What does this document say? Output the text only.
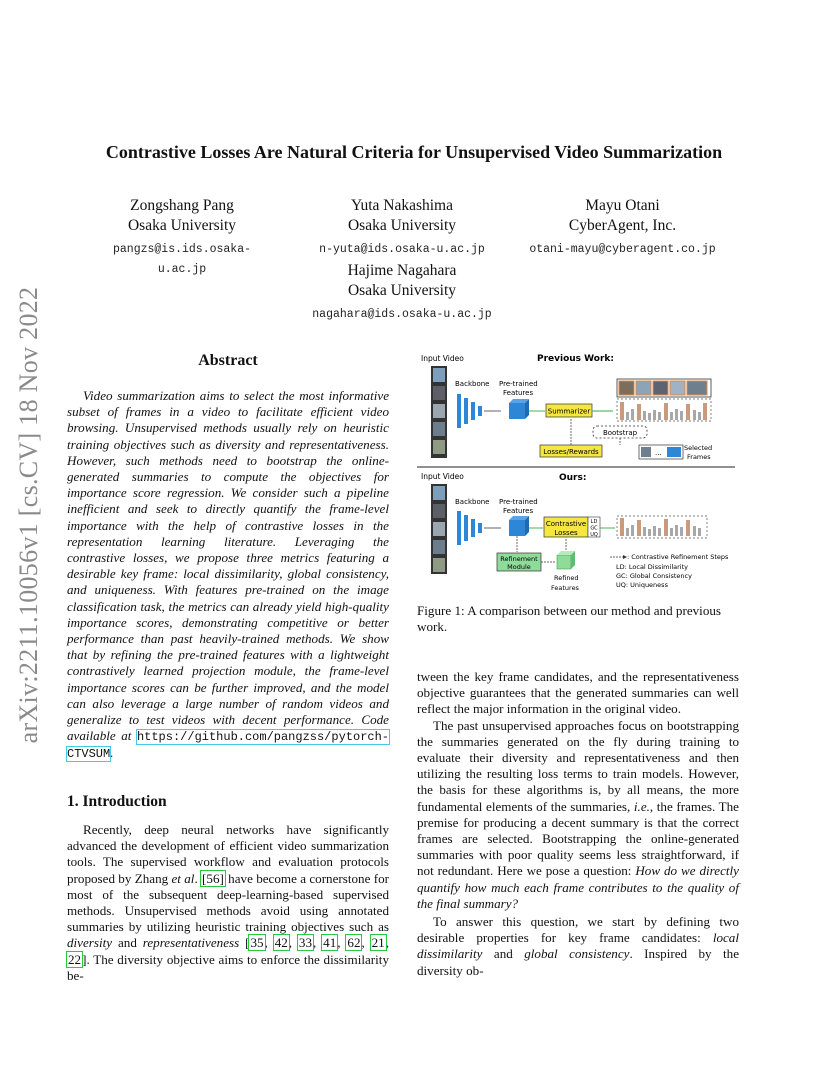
Contrastive Losses Are Natural Criteria for Unsupervised Video Summarization
arXiv:2211.10056v1 [cs.CV] 18 Nov 2022
Zongshang Pang
Osaka University
pangzs@is.ids.osaka-u.ac.jp
Yuta Nakashima
Osaka University
n-yuta@ids.osaka-u.ac.jp
Mayu Otani
CyberAgent, Inc.
otani-mayu@cyberagent.co.jp
Hajime Nagahara
Osaka University
nagahara@ids.osaka-u.ac.jp
Abstract

Video summarization aims to select the most informative subset of frames in a video to facilitate efficient video browsing. Unsupervised methods usually rely on heuristic training objectives such as diversity and representativeness. However, such methods need to bootstrap the online-generated summaries to compute the objectives for importance score regression. We consider such a pipeline inefficient and seek to directly quantify the frame-level importance with the help of contrastive losses in the representation learning literature. Leveraging the contrastive losses, we propose three metrics featuring a desirable key frame: local dissimilarity, global consistency, and uniqueness. With features pre-trained on the image classification task, the metrics can already yield high-quality importance scores, demonstrating competitive or better performance than past heavily-trained methods. We show that by refining the pre-trained features with a lightweight contrastively learned projection module, the frame-level importance scores can be further improved, and the model can also leverage a large number of random videos and generalize to test videos with decent performance. Code available at https://github.com/pangzss/pytorch-CTVSUM.

1. Introduction

Recently, deep neural networks have significantly advanced the development of efficient video summarization tools. The supervised workflow and evaluation protocols proposed by Zhang et al. [56] have become a cornerstone for most of the subsequent deep-learning-based supervised methods. Unsupervised methods avoid using annotated summaries by utilizing heuristic training objectives such as diversity and representativeness [35, 42, 33, 41, 62, 21, 22]. The diversity objective aims to enforce the dissimilarity be-

Input Video	Previous Work:
Backbone Pre-trained
Features
Summarizer
Bootstrap
Losses/Rewards	...
Selected
Frames
Input Video	Ours:
Backbone Pre-trained
Features
Contrastive
Losses
LD
GC
UQ
Refinement
Module
Refined
Features
: Contrastive Refinement Steps
LD: Local Dissimilarity
GC: Global Consistency
UQ: Uniqueness
Figure 1: A comparison between our method and previous work.

tween the key frame candidates, and the representativeness objective guarantees that the generated summaries can well reflect the major information in the original video.

The past unsupervised approaches focus on bootstrapping the summaries generated on the fly during training to evaluate their diversity and representativeness and then utilizing the resulting loss terms to train models. However, the basis for these algorithms is, by all means, the more fundamental elements of the summaries, i.e., the frames. The premise for producing a decent summary is that the correct frames are selected. Bootstrapping the online-generated summaries with poor quality seems less straightforward, if not redundant. Here we pose a question: How do we directly quantify how much each frame contributes to the quality of the final summary?

To answer this question, we start by defining two desirable properties for key frame candidates: local dissimilarity and global consistency. Inspired by the diversity ob-
